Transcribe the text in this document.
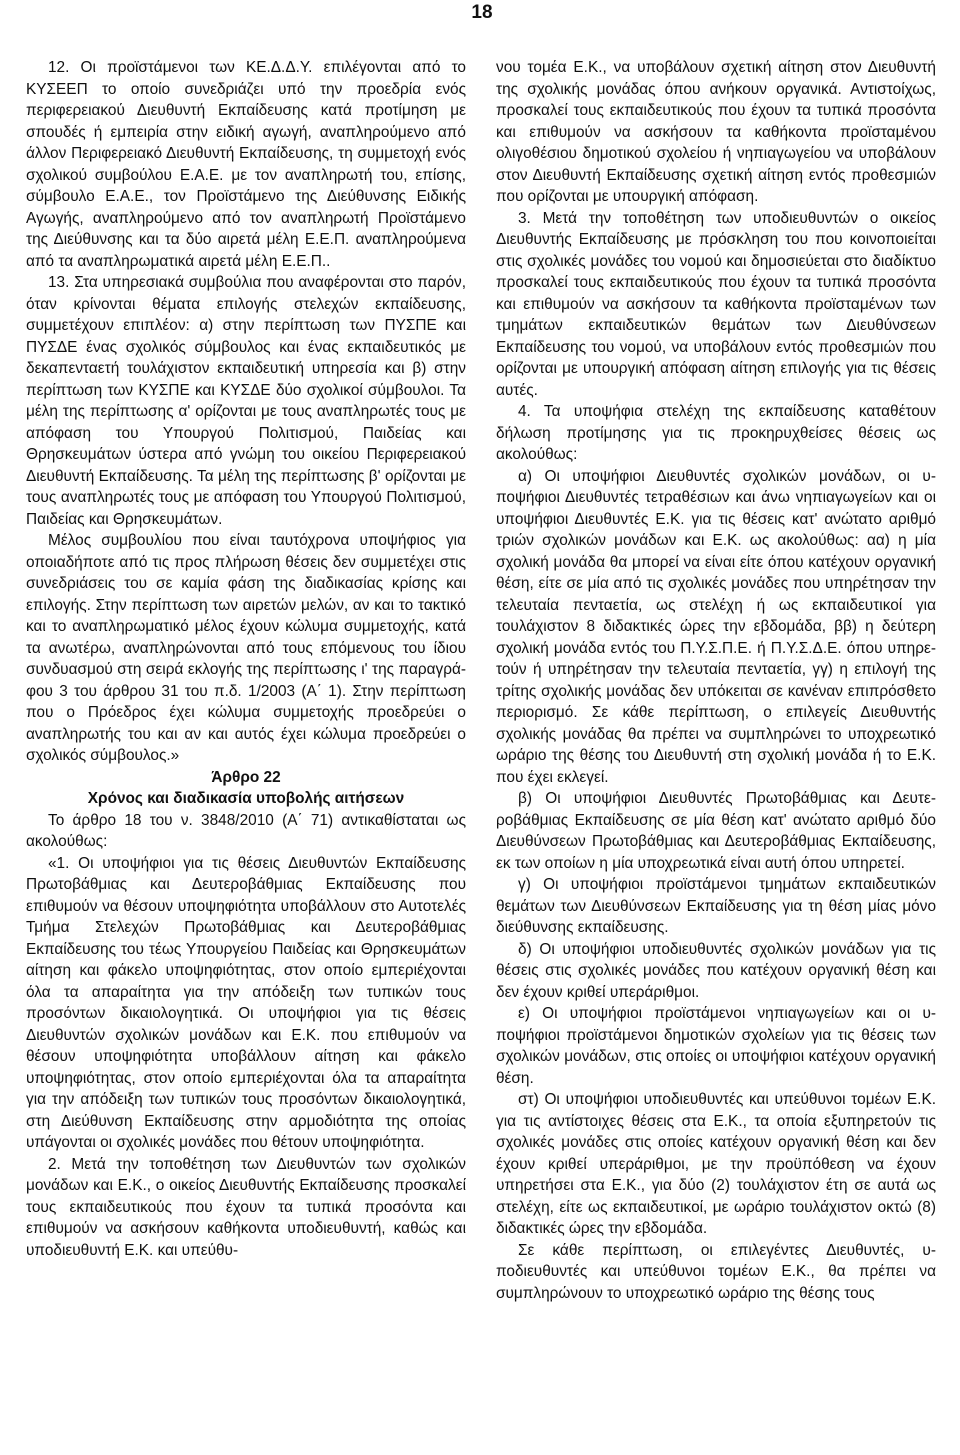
18

12. Οι προϊστάμενοι των ΚΕ.Δ.Δ.Υ. επιλέγονται από το ΚΥΣΕΕΠ το οποίο συνεδριάζει υπό την προεδρία ενός περιφερειακού Διευθυντή Εκπαίδευσης κατά προτίμηση με σπουδές ή εμπειρία στην ειδική αγωγή, αναπληρούμενο από άλλον Περιφερειακό Διευθυντή Εκπαίδευσης, τη συμμετοχή ενός σχολικού συμβούλου Ε.Α.Ε. με τον αναπληρωτή του, επίσης, σύμβουλο Ε.Α.Ε., τον Προϊστάμενο της Διεύθυνσης Ειδικής Αγωγής, αναπληρούμενο από τον αναπληρωτή Προϊστάμενο της Διεύθυνσης και τα δύο αιρετά μέλη Ε.Ε.Π. αναπληρούμενα από τα αναπληρωματικά αιρετά μέλη Ε.Ε.Π..

13. Στα υπηρεσιακά συμβούλια που αναφέρονται στο παρόν, όταν κρίνονται θέματα επιλογής στελεχών εκπαίδευσης, συμμετέχουν επιπλέον: α) στην περίπτωση των ΠΥΣΠΕ και ΠΥΣΔΕ ένας σχολικός σύμβουλος και ένας εκπαιδευτικός με δεκαπενταετή τουλάχιστον εκπαιδευτική υπηρεσία και β) στην περίπτωση των ΚΥΣΠΕ και ΚΥΣΔΕ δύο σχολικοί σύμβουλοι. Τα μέλη της περίπτωσης α' ορίζονται με τους αναπληρωτές τους με απόφαση του Υπουργού Πολιτισμού, Παιδείας και Θρησκευμάτων ύστερα από γνώμη του οικείου Περιφερειακού Διευθυντή Εκπαίδευσης. Τα μέλη της περίπτωσης β' ορίζονται με τους αναπληρωτές τους με απόφαση του Υπουργού Πολιτισμού, Παιδείας και Θρησκευμάτων.

Μέλος συμβουλίου που είναι ταυτόχρονα υποψήφιος για οποιαδήποτε από τις προς πλήρωση θέσεις δεν συμμετέχει στις συνεδριάσεις του σε καμία φάση της διαδικασίας κρίσης και επιλογής. Στην περίπτωση των αιρετών μελών, αν και το τακτικό και το αναπληρωματικό μέλος έχουν κώλυμα συμμετοχής, κατά τα ανωτέρω, αναπληρώνονται από τους επόμενους του ίδιου συνδυασμού στη σειρά εκλογής της περίπτωσης ι' της παραγράφου 3 του άρθρου 31 του π.δ. 1/2003 (Α΄ 1). Στην περίπτωση που ο Πρόεδρος έχει κώλυμα συμμετοχής προεδρεύει ο αναπληρωτής του και αν και αυτός έχει κώλυμα προεδρεύει ο σχολικός σύμβουλος.»

Άρθρο 22

Χρόνος και διαδικασία υποβολής αιτήσεων

Το άρθρο 18 του ν. 3848/2010 (Α΄ 71) αντικαθίσταται ως ακολούθως:

«1. Οι υποψήφιοι για τις θέσεις Διευθυντών Εκπαίδευσης Πρωτοβάθμιας και Δευτεροβάθμιας Εκπαίδευσης που επιθυμούν να θέσουν υποψηφιότητα υποβάλλουν στο Αυτοτελές Τμήμα Στελεχών Πρωτοβάθμιας και Δευτεροβάθμιας Εκπαίδευσης του τέως Υπουργείου Παιδείας και Θρησκευμάτων αίτηση και φάκελο υποψηφιότητας, στον οποίο εμπεριέχονται όλα τα απαραίτητα για την απόδειξη των τυπικών τους προσόντων δικαιολογητικά. Οι υποψήφιοι για τις θέσεις Διευθυντών σχολικών μονάδων και Ε.Κ. που επιθυμούν να θέσουν υποψηφιότητα υποβάλλουν αίτηση και φάκελο υποψηφιότητας, στον οποίο εμπεριέχονται όλα τα απαραίτητα για την απόδειξη των τυπικών τους προσόντων δικαιολογητικά, στη Διεύθυνση Εκπαίδευσης στην αρμοδιότητα της οποίας υπάγονται οι σχολικές μονάδες που θέτουν υποψηφιότητα.

2. Μετά την τοποθέτηση των Διευθυντών των σχολικών μονάδων και Ε.Κ., ο οικείος Διευθυντής Εκπαίδευσης προσκαλεί τους εκπαιδευτικούς που έχουν τα τυπικά προσόντα και επιθυμούν να ασκήσουν καθήκοντα υποδιευθυντή, καθώς και υποδιευθυντή Ε.Κ. και υπεύθυ-

νου τομέα Ε.Κ., να υποβάλουν σχετική αίτηση στον Διευθυντή της σχολικής μονάδας όπου ανήκουν οργανικά. Αντιστοίχως, προσκαλεί τους εκπαιδευτικούς που έχουν τα τυπικά προσόντα και επιθυμούν να ασκήσουν τα καθήκοντα προϊσταμένου ολιγοθέσιου δημοτικού σχολείου ή νηπιαγωγείου να υποβάλουν στον Διευθυντή Εκπαίδευσης σχετική αίτηση εντός προθεσμιών που ορίζονται με υπουργική απόφαση.

3. Μετά την τοποθέτηση των υποδιευθυντών ο οικείος Διευθυντής Εκπαίδευσης με πρόσκληση του που κοινοποιείται στις σχολικές μονάδες του νομού και δημοσιεύεται στο διαδίκτυο προσκαλεί τους εκπαιδευτικούς που έχουν τα τυπικά προσόντα και επιθυμούν να ασκήσουν τα καθήκοντα προϊσταμένων των τμημάτων εκπαιδευτικών θεμάτων των Διευθύνσεων Εκπαίδευσης του νομού, να υποβάλουν εντός προθεσμιών που ορίζονται με υπουργική απόφαση αίτηση επιλογής για τις θέσεις αυτές.

4. Τα υποψήφια στελέχη της εκπαίδευσης καταθέτουν δήλωση προτίμησης για τις προκηρυχθείσες θέσεις ως ακολούθως:

α) Οι υποψήφιοι Διευθυντές σχολικών μονάδων, οι υποψήφιοι Διευθυντές τετραθέσιων και άνω νηπιαγωγείων και οι υποψήφιοι Διευθυντές Ε.Κ. για τις θέσεις κατ' ανώτατο αριθμό τριών σχολικών μονάδων και Ε.Κ. ως ακολούθως: αα) η μία σχολική μονάδα θα μπορεί να είναι είτε όπου κατέχουν οργανική θέση, είτε σε μία από τις σχολικές μονάδες που υπηρέτησαν την τελευταία πενταετία, ως στελέχη ή ως εκπαιδευτικοί για τουλάχιστον 8 διδακτικές ώρες την εβδομάδα, ββ) η δεύτερη σχολική μονάδα εντός του Π.Υ.Σ.Π.Ε. ή Π.Υ.Σ.Δ.Ε. όπου υπηρετούν ή υπηρέτησαν την τελευταία πενταετία, γγ) η επιλογή της τρίτης σχολικής μονάδας δεν υπόκειται σε κανέναν επιπρόσθετο περιορισμό. Σε κάθε περίπτωση, ο επιλεγείς Διευθυντής σχολικής μονάδας θα πρέπει να συμπληρώνει το υποχρεωτικό ωράριο της θέσης του Διευθυντή στη σχολική μονάδα ή το Ε.Κ. που έχει εκλεγεί.

β) Οι υποψήφιοι Διευθυντές Πρωτοβάθμιας και Δευτεροβάθμιας Εκπαίδευσης σε μία θέση κατ' ανώτατο αριθμό δύο Διευθύνσεων Πρωτοβάθμιας και Δευτεροβάθμιας Εκπαίδευσης, εκ των οποίων η μία υποχρεωτικά είναι αυτή όπου υπηρετεί.

γ) Οι υποψήφιοι προϊστάμενοι τμημάτων εκπαιδευτικών θεμάτων των Διευθύνσεων Εκπαίδευσης για τη θέση μίας μόνο διεύθυνσης εκπαίδευσης.

δ) Οι υποψήφιοι υποδιευθυντές σχολικών μονάδων για τις θέσεις στις σχολικές μονάδες που κατέχουν οργανική θέση και δεν έχουν κριθεί υπεράριθμοι.

ε) Οι υποψήφιοι προϊστάμενοι νηπιαγωγείων και οι υποψήφιοι προϊστάμενοι δημοτικών σχολείων για τις θέσεις των σχολικών μονάδων, στις οποίες οι υποψήφιοι κατέχουν οργανική θέση.

στ) Οι υποψήφιοι υποδιευθυντές και υπεύθυνοι τομέων Ε.Κ. για τις αντίστοιχες θέσεις στα Ε.Κ., τα οποία εξυπηρετούν τις σχολικές μονάδες στις οποίες κατέχουν οργανική θέση και δεν έχουν κριθεί υπεράριθμοι, με την προϋπόθεση να έχουν υπηρετήσει στα Ε.Κ., για δύο (2) τουλάχιστον έτη σε αυτά ως στελέχη, είτε ως εκπαιδευτικοί, με ωράριο τουλάχιστον οκτώ (8) διδακτικές ώρες την εβδομάδα.

Σε κάθε περίπτωση, οι επιλεγέντες Διευθυντές, υποδιευθυντές και υπεύθυνοι τομέων Ε.Κ., θα πρέπει να συμπληρώνουν το υποχρεωτικό ωράριο της θέσης τους
